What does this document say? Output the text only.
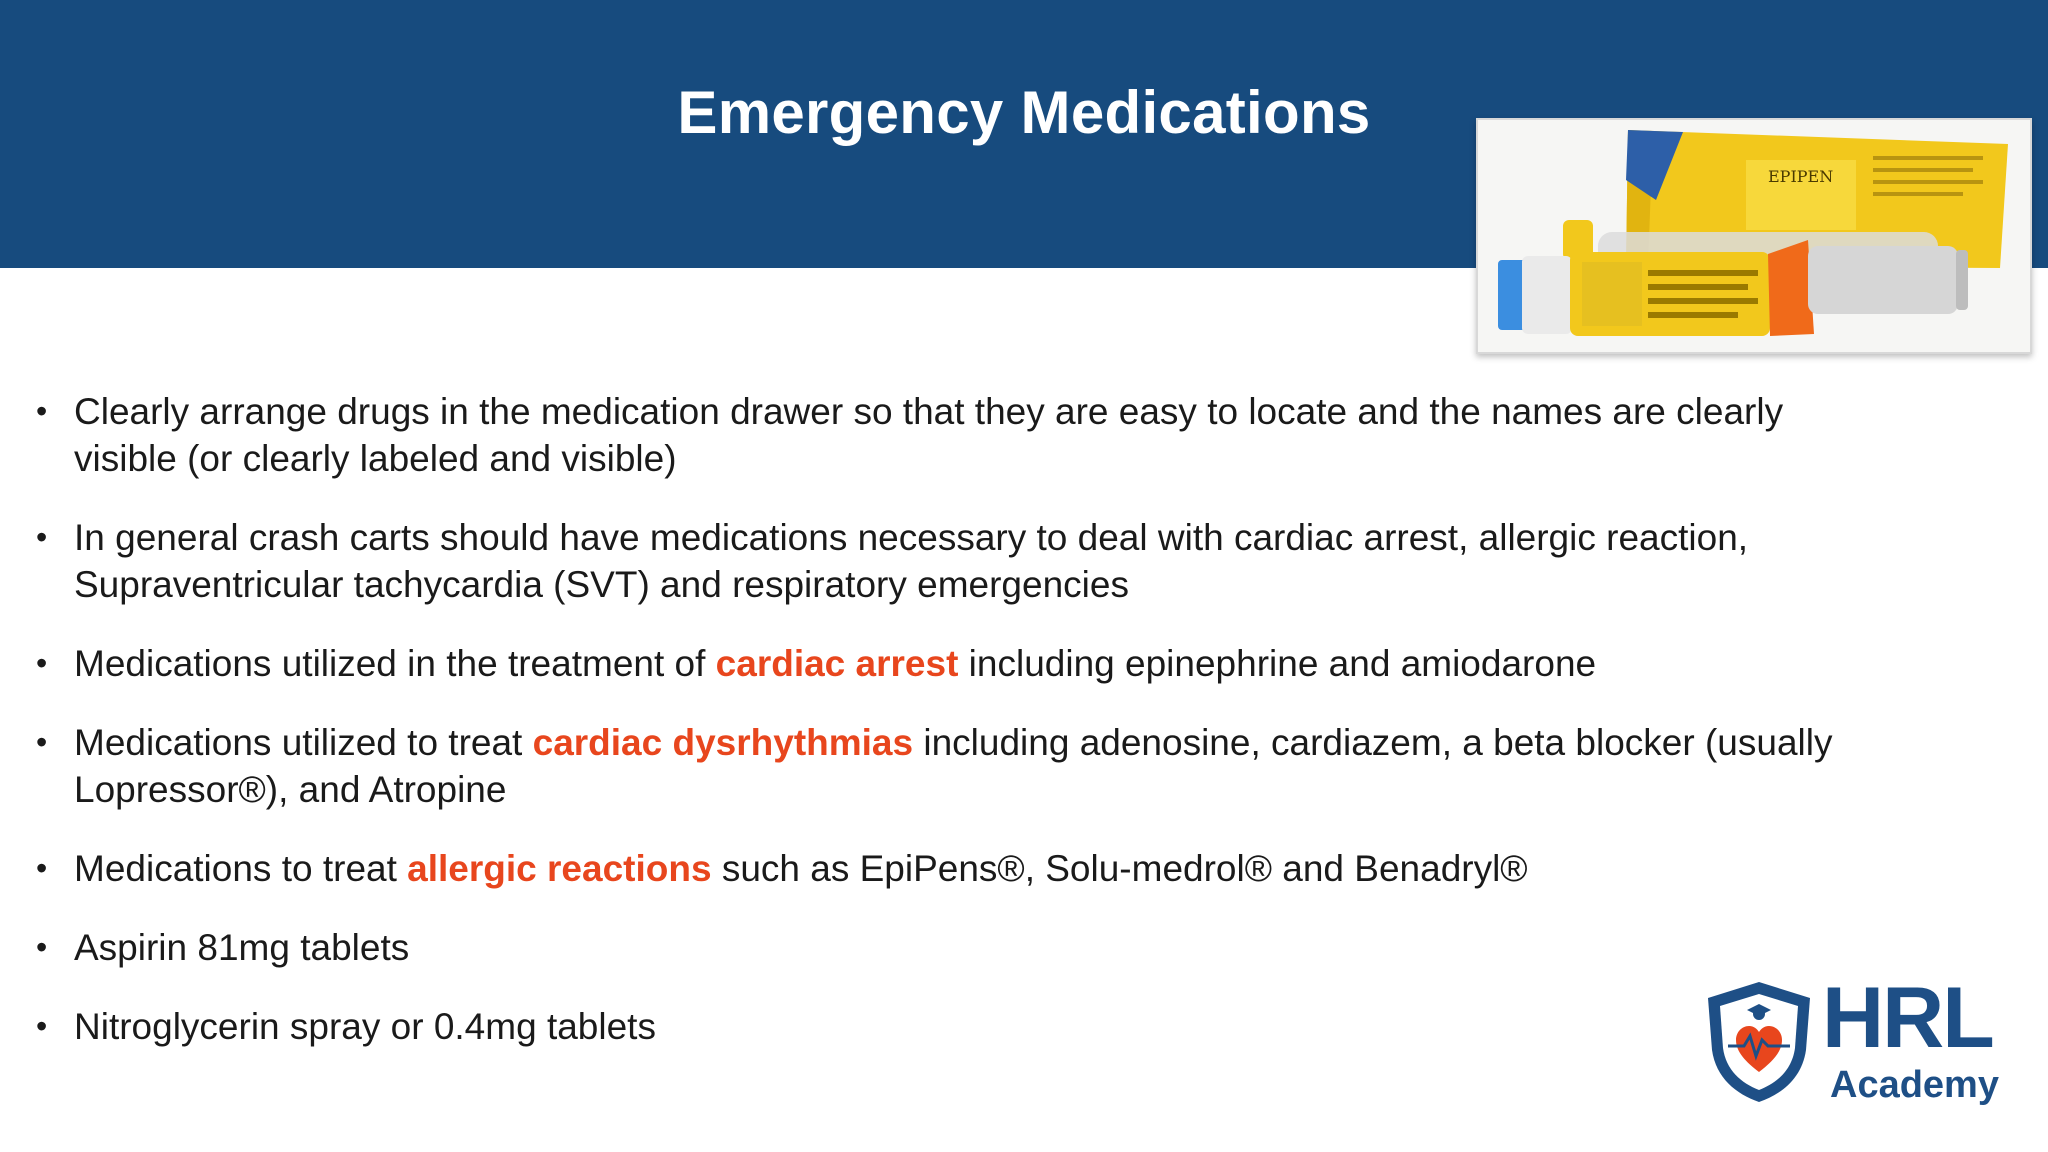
Emergency Medications
EPIPEN
• Clearly arrange drugs in the medication drawer so that they are easy to locate and the names are clearly visible (or clearly labeled and visible)
• In general crash carts should have medications necessary to deal with cardiac arrest, allergic reaction, Supraventricular tachycardia (SVT) and respiratory emergencies
• Medications utilized in the treatment of cardiac arrest including epinephrine and amiodarone
• Medications utilized to treat cardiac dysrhythmias including adenosine, cardiazem, a beta blocker (usually Lopressor®), and Atropine
• Medications to treat allergic reactions such as EpiPens®, Solu-medrol® and Benadryl®
• Aspirin 81mg tablets
• Nitroglycerin spray or 0.4mg tablets	HRL
Academy
